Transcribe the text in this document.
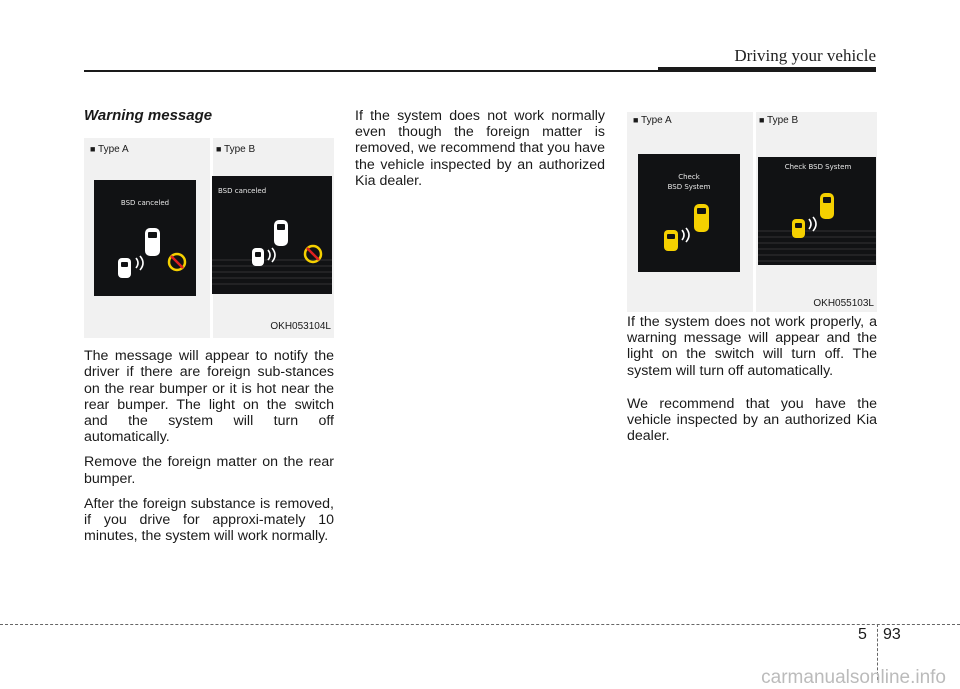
Driving your vehicle
Warning message
■ Type A	■ Type B
BSD canceled
BSD canceled
OKH053104L

The message will appear to notify the driver if there are foreign sub-stances on the rear bumper or it is hot near the rear bumper. The light on the switch and the system will turn off automatically.

Remove the foreign matter on the rear bumper.

After the foreign substance is removed, if you drive for approxi-mately 10 minutes, the system will work normally.

If the system does not work normally even though the foreign matter is removed, we recommend that you have the vehicle inspected by an authorized Kia dealer.

■ Type A	■ Type B
Check
BSD System
Check BSD System
OKH055103L

If the system does not work properly, a warning message will appear and the light on the switch will turn off. The system will turn off automatically.

We recommend that you have the vehicle inspected by an authorized Kia dealer.

5 93
carmanualsonline.info
